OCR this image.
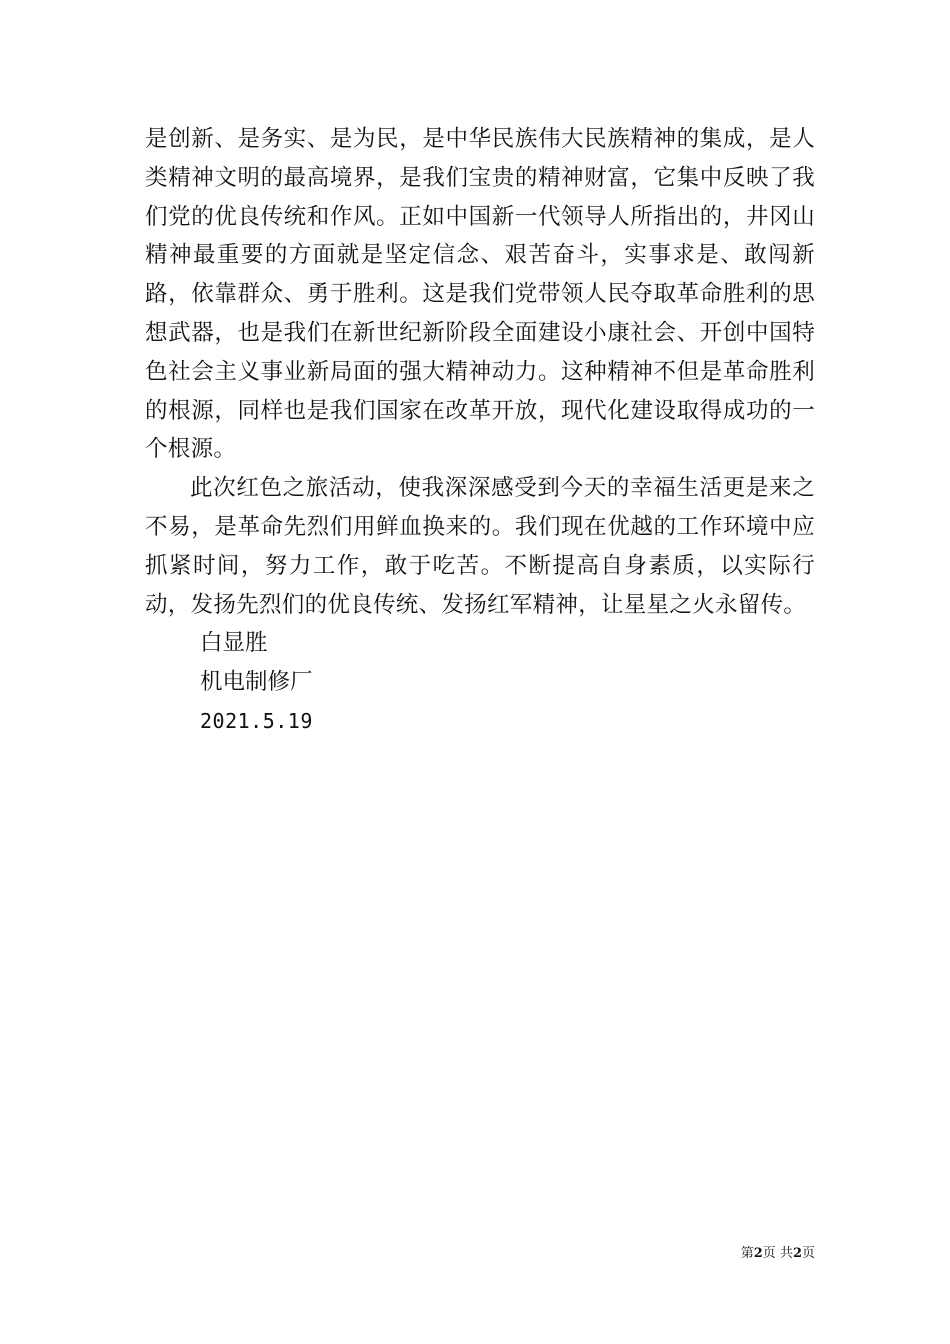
是创新、是务实、是为民，是中华民族伟大民族精神的集成，是人类精神文明的最高境界，是我们宝贵的精神财富，它集中反映了我们党的优良传统和作风。正如中国新一代领导人所指出的，井冈山精神最重要的方面就是坚定信念、艰苦奋斗，实事求是、敢闯新路，依靠群众、勇于胜利。这是我们党带领人民夺取革命胜利的思想武器，也是我们在新世纪新阶段全面建设小康社会、开创中国特色社会主义事业新局面的强大精神动力。这种精神不但是革命胜利的根源，同样也是我们国家在改革开放，现代化建设取得成功的一个根源。

此次红色之旅活动，使我深深感受到今天的幸福生活更是来之不易，是革命先烈们用鲜血换来的。我们现在优越的工作环境中应抓紧时间，努力工作，敢于吃苦。不断提高自身素质，以实际行动，发扬先烈们的优良传统、发扬红军精神，让星星之火永留传。

白显胜

机电制修厂

2021.5.19

第2页 共2页
